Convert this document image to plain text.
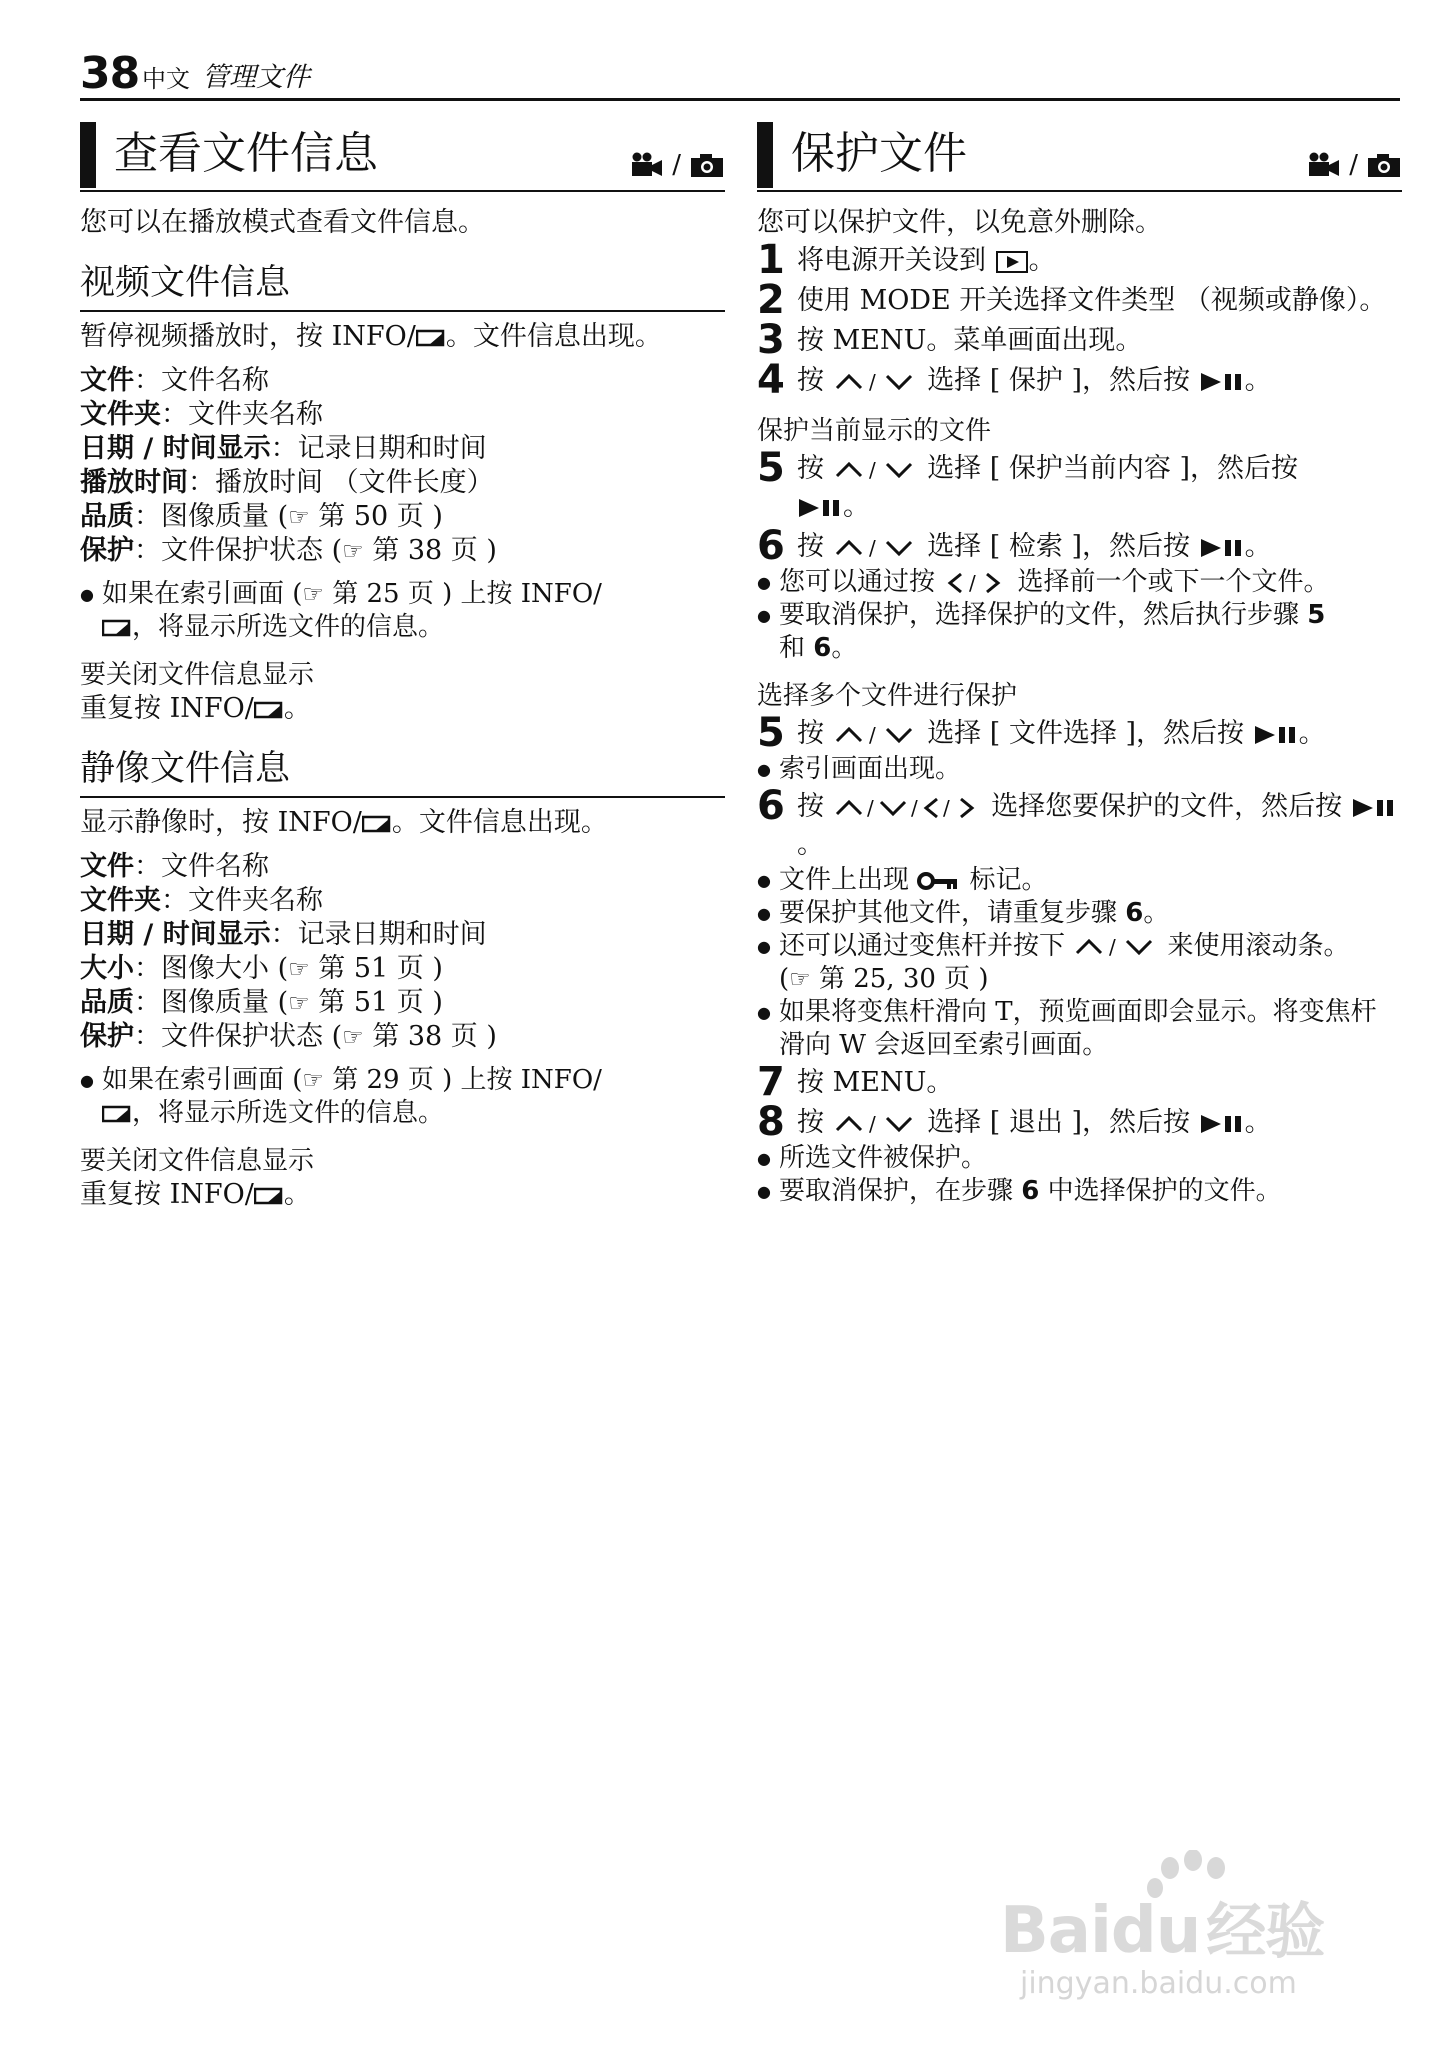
38 中文 管理文件
查看文件信息	/

您可以在播放模式查看文件信息。

视频文件信息

暂停视频播放时，按 INFO/ 。文件信息出现。

文件：文件名称
文件夹：文件夹名称
日期 / 时间显示：记录日期和时间
播放时间：播放时间 （文件长度）
品质：图像质量 (☞ 第 50 页 )
保护：文件保护状态 (☞ 第 38 页 )
● 如果在索引画面 (☞ 第 25 页 ) 上按 INFO/
，将显示所选文件的信息。
要关闭文件信息显示

重复按 INFO/ 。

静像文件信息

显示静像时，按 INFO/ 。文件信息出现。

文件：文件名称
文件夹：文件夹名称
日期 / 时间显示：记录日期和时间
大小：图像大小 (☞ 第 51 页 )
品质：图像质量 (☞ 第 51 页 )
保护：文件保护状态 (☞ 第 38 页 )
● 如果在索引画面 (☞ 第 29 页 ) 上按 INFO/
，将显示所选文件的信息。
要关闭文件信息显示

重复按 INFO/ 。

保护文件	/

您可以保护文件，以免意外删除。

1 将电源开关设到 。
2 使用 MODE 开关选择文件类型 （视频或静像）。
3 按 MENU。菜单画面出现。
4 按 / 选择 [ 保护 ]，然后按 。
保护当前显示的文件
5 按 / 选择 [ 保护当前内容 ]，然后按
。
6 按 / 选择 [ 检索 ]，然后按 。
● 您可以通过按 / 选择前一个或下一个文件。
● 要取消保护，选择保护的文件，然后执行步骤 5
和 6。
选择多个文件进行保护
5 按 / 选择 [ 文件选择 ]，然后按 。
● 索引画面出现。
6 按 / / / 选择您要保护的文件，然后按 。
● 文件上出现 标记。
● 要保护其他文件，请重复步骤 6。
● 还可以通过变焦杆并按下 / 来使用滚动条。
(☞ 第 25, 30 页 )
● 如果将变焦杆滑向 T，预览画面即会显示。将变焦杆滑向 W 会返回至索引画面。
7 按 MENU。
8 按 / 选择 [ 退出 ]，然后按 。
● 所选文件被保护。
● 要取消保护，在步骤 6 中选择保护的文件。
Baidu 经验
jingyan.baidu.com
